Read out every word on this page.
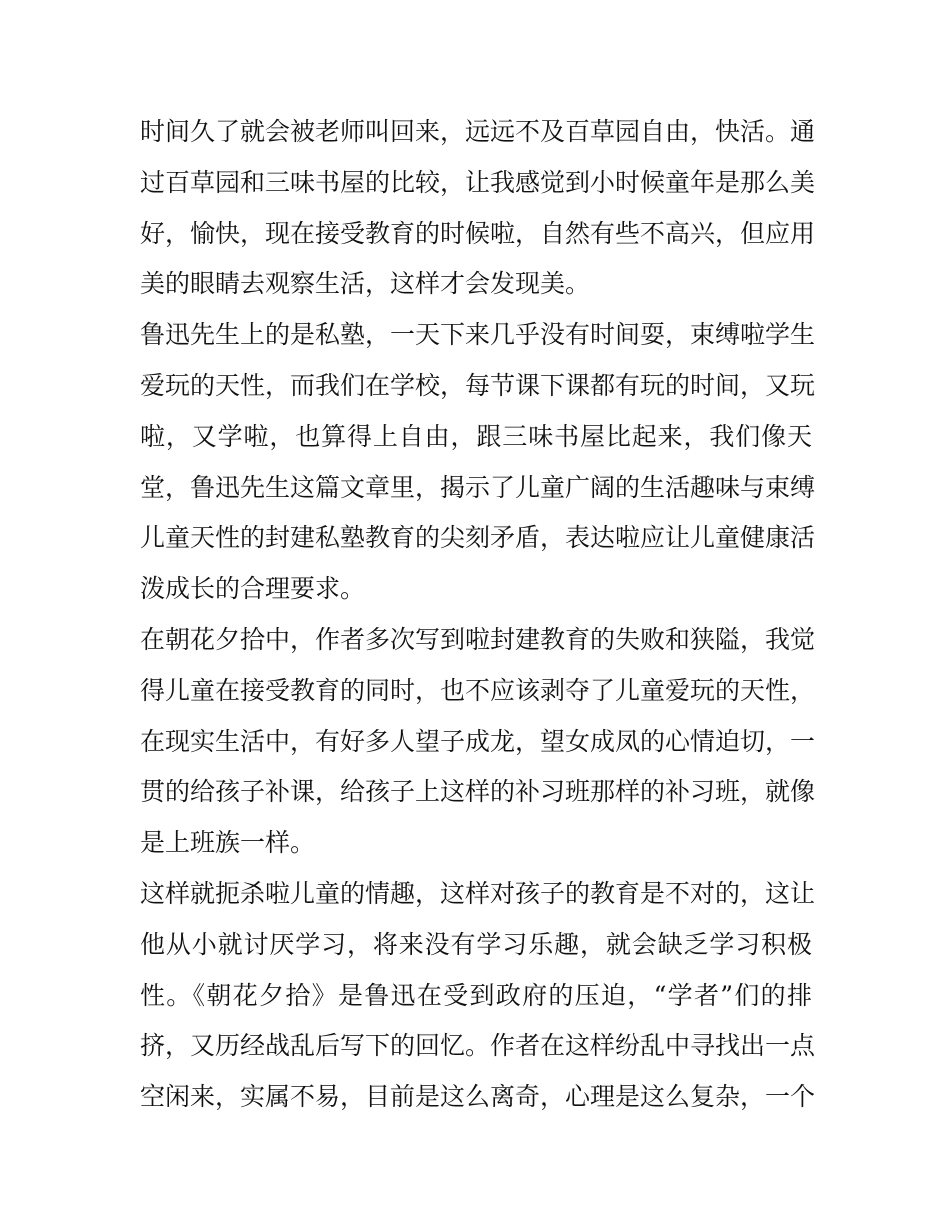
时间久了就会被老师叫回来，远远不及百草园自由，快活。通
过百草园和三味书屋的比较，让我感觉到小时候童年是那么美
好，愉快，现在接受教育的时候啦，自然有些不高兴，但应用
美的眼睛去观察生活，这样才会发现美。
鲁迅先生上的是私塾，一天下来几乎没有时间耍，束缚啦学生
爱玩的天性，而我们在学校，每节课下课都有玩的时间，又玩
啦，又学啦，也算得上自由，跟三味书屋比起来，我们像天
堂，鲁迅先生这篇文章里，揭示了儿童广阔的生活趣味与束缚
儿童天性的封建私塾教育的尖刻矛盾，表达啦应让儿童健康活
泼成长的合理要求。
在朝花夕拾中，作者多次写到啦封建教育的失败和狭隘，我觉
得儿童在接受教育的同时，也不应该剥夺了儿童爱玩的天性，
在现实生活中，有好多人望子成龙，望女成凤的心情迫切，一
贯的给孩子补课，给孩子上这样的补习班那样的补习班，就像
是上班族一样。
这样就扼杀啦儿童的情趣，这样对孩子的教育是不对的，这让
他从小就讨厌学习，将来没有学习乐趣，就会缺乏学习积极
性。《朝花夕拾》是鲁迅在受到政府的压迫，“学者”们的排
挤，又历经战乱后写下的回忆。作者在这样纷乱中寻找出一点
空闲来，实属不易，目前是这么离奇，心理是这么复杂，一个
